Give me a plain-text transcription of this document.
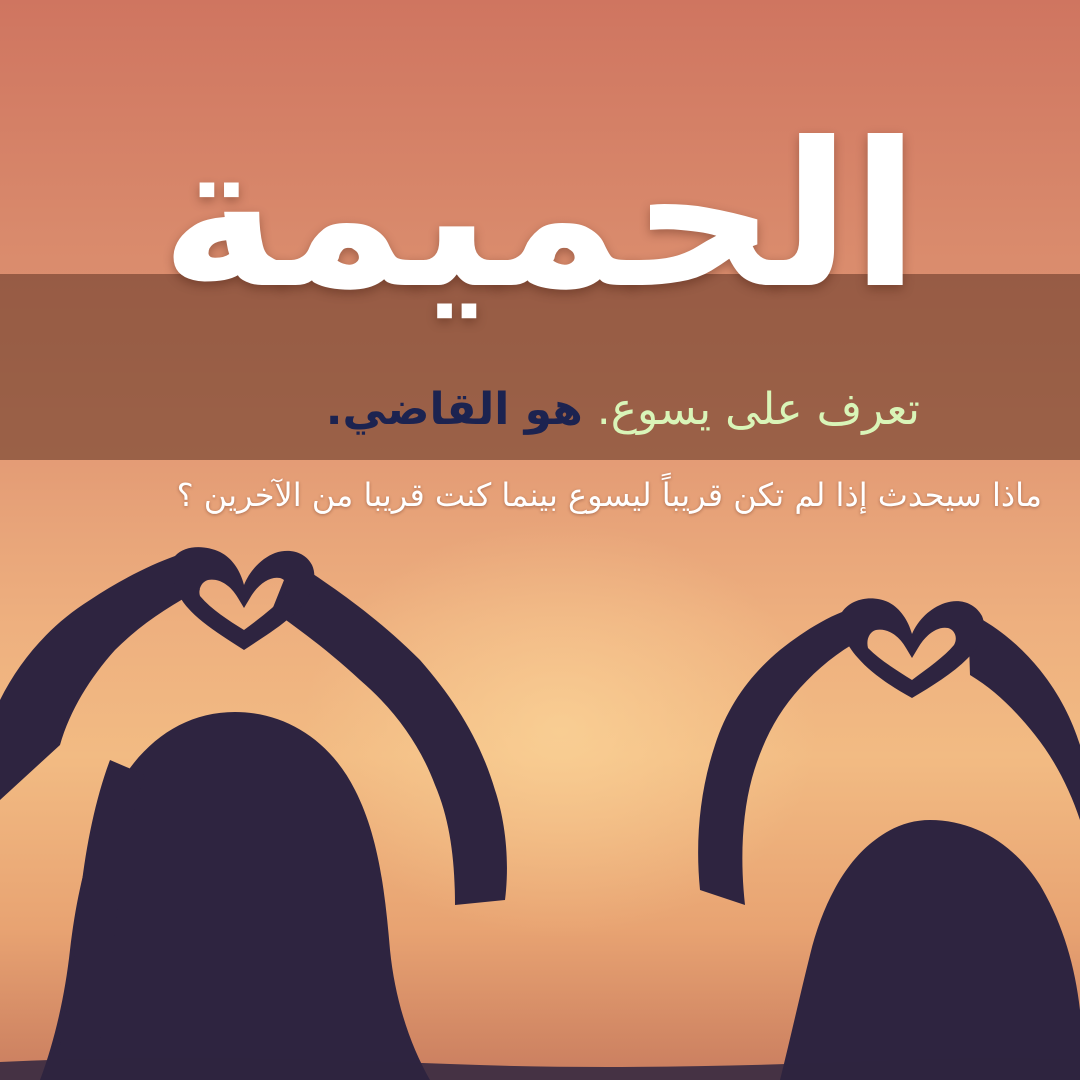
الحميمة
تعرف على يسوع. هو القاضي.
ماذا سيحدث إذا لم تكن قريباً ليسوع بينما كنت قريبا من الآخرين ؟
